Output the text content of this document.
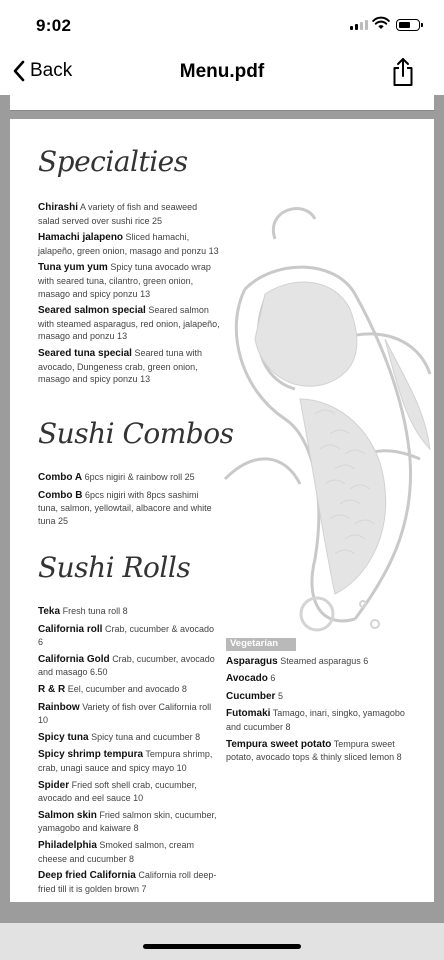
9:02
Back	Menu.pdf
Specialties
Chirashi A variety of fish and seaweed salad served over sushi rice 25
Hamachi jalapeno Sliced hamachi, jalapeño, green onion, masago and ponzu 13
Tuna yum yum Spicy tuna avocado wrap with seared tuna, cilantro, green onion, masago and spicy ponzu 13
Seared salmon special Seared salmon with steamed asparagus, red onion, jalapeño, masago and ponzu 13
Seared tuna special Seared tuna with avocado, Dungeness crab, green onion, masago and spicy ponzu 13
Sushi Combos
Combo A 6pcs nigiri & rainbow roll 25
Combo B 6pcs nigiri with 8pcs sashimi tuna, salmon, yellowtail, albacore and white tuna 25
Sushi Rolls
Teka Fresh tuna roll 8
California roll Crab, cucumber & avocado 6
California Gold Crab, cucumber, avocado and masago 6.50
R & R Eel, cucumber and avocado 8
Rainbow Variety of fish over California roll 10
Spicy tuna Spicy tuna and cucumber 8
Spicy shrimp tempura Tempura shrimp, crab, unagi sauce and spicy mayo 10
Spider Fried soft shell crab, cucumber, avocado and eel sauce 10
Salmon skin Fried salmon skin, cucumber, yamagobo and kaiware 8
Philadelphia Smoked salmon, cream cheese and cucumber 8
Deep fried California California roll deep-fried till it is golden brown 7
Vegetarian
Asparagus Steamed asparagus 6
Avocado 6
Cucumber 5
Futomaki Tamago, inari, singko, yamagobo and cucumber 8
Tempura sweet potato Tempura sweet potato, avocado tops & thinly sliced lemon 8
